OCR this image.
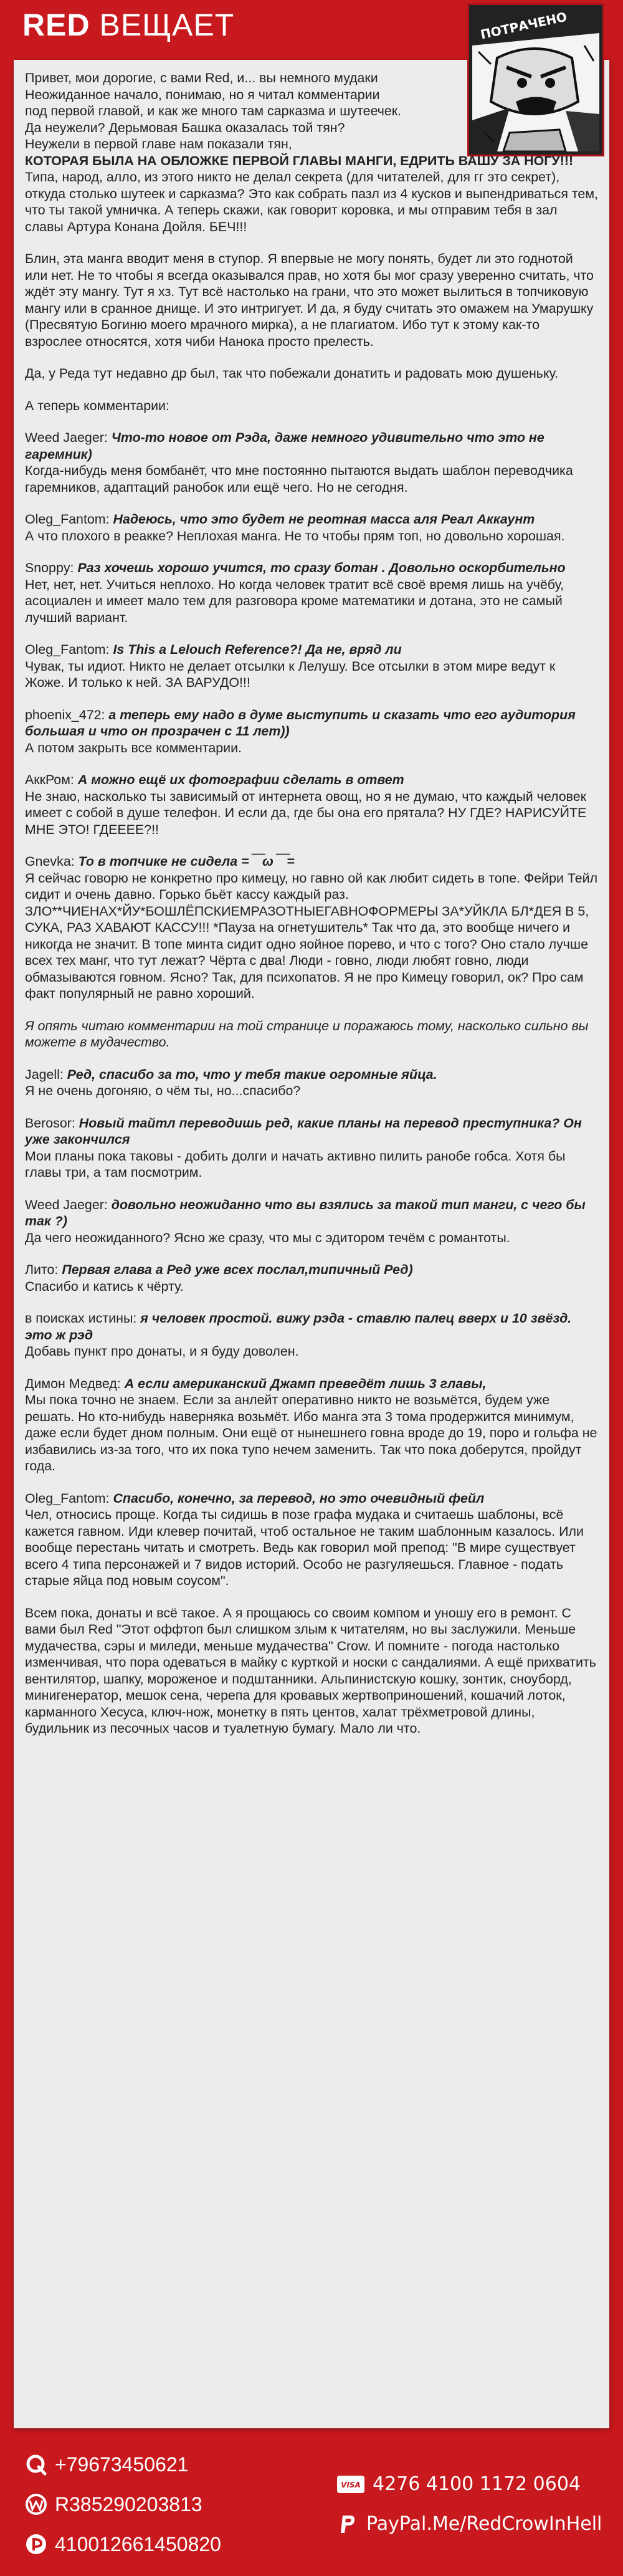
RED ВЕЩАЕТ	ПОТРАЧЕНО

Привет, мои дорогие, с вами Red, и... вы немного мудаки
Неожиданное начало, понимаю, но я читал комментарии
под первой главой, и как же много там сарказма и шутеечек.
Да неужели? Дерьмовая Башка оказалась той тян?
Неужели в первой главе нам показали тян,
КОТОРАЯ БЫЛА НА ОБЛОЖКЕ ПЕРВОЙ ГЛАВЫ МАНГИ, ЕДРИТЬ ВАШУ ЗА НОГУ!!! Типа, народ, алло, из этого никто не делал секрета (для читателей, для гг это секрет), откуда столько шутеек и сарказма? Это как собрать пазл из 4 кусков и выпендриваться тем, что ты такой умничка. А теперь скажи, как говорит коровка, и мы отправим тебя в зал славы Артура Конана Дойля. БЕЧ!!!

Блин, эта манга вводит меня в ступор. Я впервые не могу понять, будет ли это годнотой или нет. Не то чтобы я всегда оказывался прав, но хотя бы мог сразу уверенно считать, что ждёт эту мангу. Тут я хз. Тут всё настолько на грани, что это может вылиться в топчиковую мангу или в сранное днище. И это интригует. И да, я буду считать это омажем на Умарушку (Пресвятую Богиню моего мрачного мирка), а не плагиатом. Ибо тут к этому как-то взрослее относятся, хотя чиби Нанока просто прелесть.

Да, у Реда тут недавно др был, так что побежали донатить и радовать мою душеньку.

А теперь комментарии:

Weed Jaeger: Что-то новое от Рэда, даже немного удивительно что это не гаремник)
Когда-нибудь меня бомбанёт, что мне постоянно пытаются выдать шаблон переводчика гаремников, адаптаций ранобок или ещё чего. Но не сегодня.

Oleg_Fantom: Надеюсь, что это будет не реотная масса аля Реал Аккаунт
А что плохого в реакке? Неплохая манга. Не то чтобы прям топ, но довольно хорошая.

Snoppy: Раз хочешь хорошо учится, то сразу ботан . Довольно оскорбительно
Нет, нет, нет. Учиться неплохо. Но когда человек тратит всё своё время лишь на учёбу, асоциален и имеет мало тем для разговора кроме математики и дотана, это не самый лучший вариант.

Oleg_Fantom: Is This a Lelouch Reference?! Да не, вряд ли
Чувак, ты идиот. Никто не делает отсылки к Лелушу. Все отсылки в этом мире ведут к Жожe. И только к ней. ЗА ВАРУДО!!!

phoenix_472: а теперь ему надо в думе выступить и сказать что его аудитория большая и что он прозрачен с 11 лет))
А потом закрыть все комментарии.

АккРом: А можно ещё их фотографии сделать в ответ
Не знаю, насколько ты зависимый от интернета овощ, но я не думаю, что каждый человек имеет с собой в душе телефон. И если да, где бы она его прятала? НУ ГДЕ? НАРИСУЙТЕ МНЕ ЭТО! ГДЕЕЕЕ?!!

Gnevka: То в топчике не сидела =￣ω￣=
Я сейчас говорю не конкретно про кимецу, но гавно ой как любит сидеть в топе. Фейри Тейл сидит и очень давно. Горько бьёт кассу каждый раз. ЗЛО**ЧИЕНАХ*ЙУ*БОШЛЁПСКИЕМРАЗОТНЫЕГАВНОФОРМЕРЫ ЗА*УЙКЛА БЛ*ДЕЯ В 5, СУКА, РАЗ ХАВАЮТ КАССУ!!! *Пауза на огнетушитель* Так что да, это вообще ничего и никогда не значит. В топе минта сидит одно яойное порево, и что с того? Оно стало лучше всех тех манг, что тут лежат? Чёрта с два! Люди - говно, люди любят говно, люди обмазываются говном. Ясно? Так, для психопатов. Я не про Кимецу говорил, ок? Про сам факт популярный не равно хороший.

Я опять читаю комментарии на той странице и поражаюсь тому, насколько сильно вы можете в мудачество.

Jagell: Ред, спасибо за то, что у тебя такие огромные яйца.
Я не очень догоняю, о чём ты, но...спасибо?

Berosor: Новый тайтл переводишь ред, какие планы на перевод преступника? Он уже закончился
Мои планы пока таковы - добить долги и начать активно пилить ранобе гобса. Хотя бы главы три, а там посмотрим.

Weed Jaeger: довольно неожиданно что вы взялись за такой тип манги, с чего бы так ?)
Да чего неожиданного? Ясно же сразу, что мы с эдитором течём с романтоты.

Лито: Первая глава а Ред уже всех послал,типичный Ред)
Спасибо и катись к чёрту.

в поисках истины: я человек простой. вижу рэда - ставлю палец вверх и 10 звёзд. это ж рэд
Добавь пункт про донаты, и я буду доволен.

Димон Медвед: А если американский Джамп преведёт лишь 3 главы,
Мы пока точно не знаем. Если за анлейт оперативно никто не возьмётся, будем уже решать. Но кто-нибудь наверняка возьмёт. Ибо манга эта 3 тома продержится минимум, даже если будет дном полным. Они ещё от нынешнего говна вроде до 19, поро и гольфа не избавились из-за того, что их пока тупо нечем заменить. Так что пока доберутся, пройдут года.

Oleg_Fantom: Спасибо, конечно, за перевод, но это очевидный фейл
Чел, относись проще. Когда ты сидишь в позе графа мудака и считаешь шаблоны, всё кажется гавном. Иди клевер почитай, чтоб остальное не таким шаблонным казалось. Или вообще перестань читать и смотреть. Ведь как говорил мой препод: "В мире существует всего 4 типа персонажей и 7 видов историй. Особо не разгуляешься. Главное - подать старые яйца под новым соусом".

Всем пока, донаты и всё такое. А я прощаюсь со своим компом и уношу его в ремонт. С вами был Red "Этот оффтоп был слишком злым к читателям, но вы заслужили. Меньше мудачества, сэры и миледи, меньше мудачества" Crow. И помните - погода настолько изменчивая, что пора одеваться в майку с курткой и носки с сандалиями. А ещё прихватить вентилятор, шапку, мороженое и подштанники. Альпинистскую кошку, зонтик, сноуборд, минигенератор, мешок сена, черепа для кровавых жертвоприношений, кошачий лоток, карманного Хесуса, ключ-нож, монетку в пять центов, халат трёхметровой длины, будильник из песочных часов и туалетную бумагу. Мало ли что.

+79673450621
R385290203813
410012661450820
VISA 4276 4100 1172 0604
PayPal.Me/RedCrowInHell
